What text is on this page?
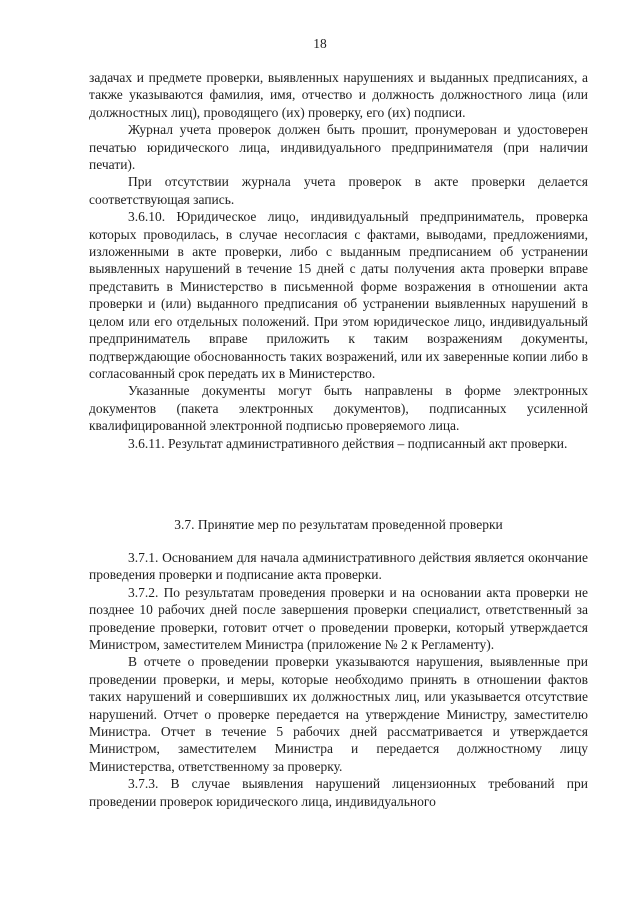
18

задачах и предмете проверки, выявленных нарушениях и выданных предписаниях, а также указываются фамилия, имя, отчество и должность должностного лица (или должностных лиц), проводящего (их) проверку, его (их) подписи.

Журнал учета проверок должен быть прошит, пронумерован и удостоверен печатью юридического лица, индивидуального предпринимателя (при наличии печати).

При отсутствии журнала учета проверок в акте проверки делается соответствующая запись.

3.6.10. Юридическое лицо, индивидуальный предприниматель, проверка которых проводилась, в случае несогласия с фактами, выводами, предложениями, изложенными в акте проверки, либо с выданным предписанием об устранении выявленных нарушений в течение 15 дней с даты получения акта проверки вправе представить в Министерство в письменной форме возражения в отношении акта проверки и (или) выданного предписания об устранении выявленных нарушений в целом или его отдельных положений. При этом юридическое лицо, индивидуальный предприниматель вправе приложить к таким возражениям документы, подтверждающие обоснованность таких возражений, или их заверенные копии либо в согласованный срок передать их в Министерство.

Указанные документы могут быть направлены в форме электронных документов (пакета электронных документов), подписанных усиленной квалифицированной электронной подписью проверяемого лица.

3.6.11. Результат административного действия – подписанный акт проверки.

3.7. Принятие мер по результатам проведенной проверки

3.7.1. Основанием для начала административного действия является окончание проведения проверки и подписание акта проверки.

3.7.2. По результатам проведения проверки и на основании акта проверки не позднее 10 рабочих дней после завершения проверки специалист, ответственный за проведение проверки, готовит отчет о проведении проверки, который утверждается Министром, заместителем Министра (приложение № 2 к Регламенту).

В отчете о проведении проверки указываются нарушения, выявленные при проведении проверки, и меры, которые необходимо принять в отношении фактов таких нарушений и совершивших их должностных лиц, или указывается отсутствие нарушений. Отчет о проверке передается на утверждение Министру, заместителю Министра. Отчет в течение 5 рабочих дней рассматривается и утверждается Министром, заместителем Министра и передается должностному лицу Министерства, ответственному за проверку.

3.7.3. В случае выявления нарушений лицензионных требований при проведении проверок юридического лица, индивидуального
